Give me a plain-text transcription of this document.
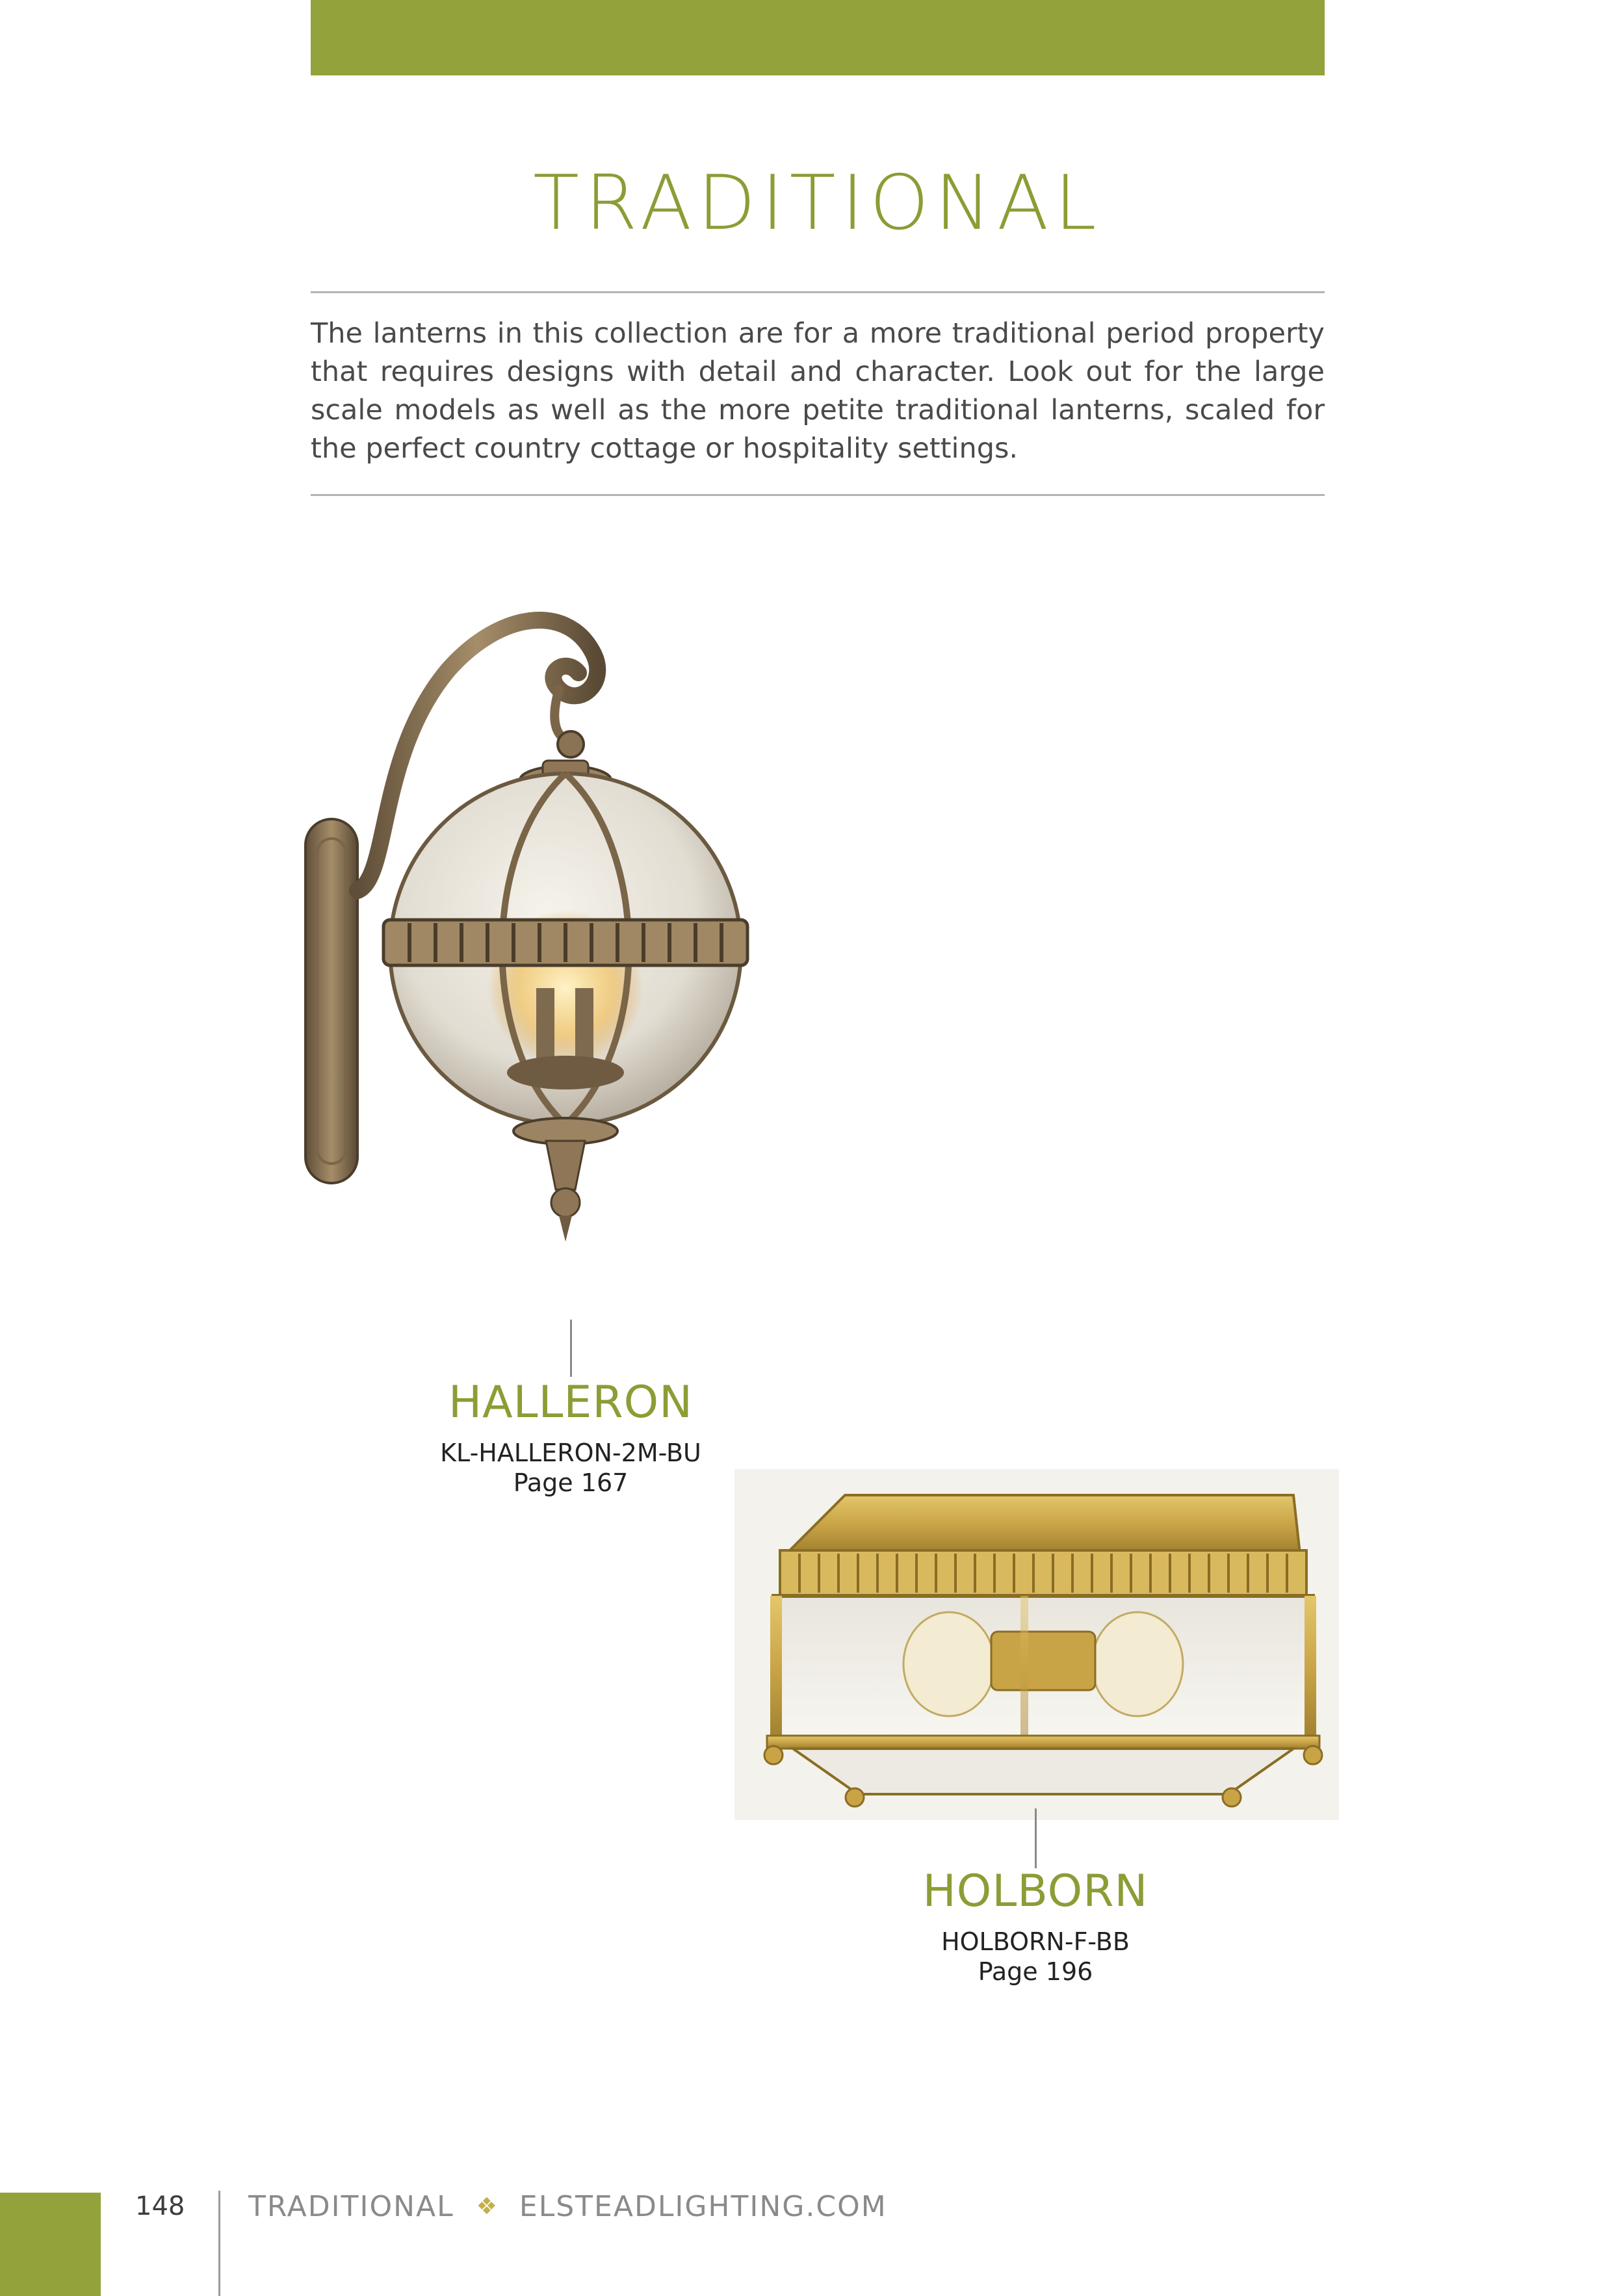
TRADITIONAL

The lanterns in this collection are for a more traditional period property that requires designs with detail and character. Look out for the large scale models as well as the more petite traditional lanterns, scaled for the perfect country cottage or hospitality settings.

HALLERON
KL-HALLERON-2M-BU
Page 167
HOLBORN
HOLBORN-F-BB
Page 196
148	TRADITIONAL ❖ ELSTEADLIGHTING.COM
